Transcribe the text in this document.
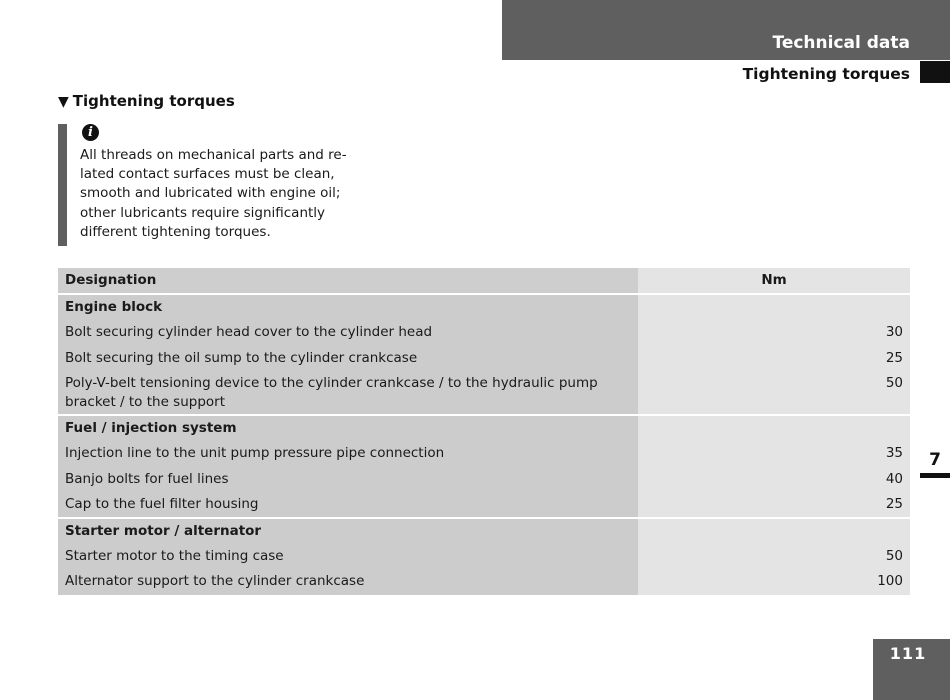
Technical data
Tightening torques
▼ Tightening torques
i

All threads on mechanical parts and re-
lated contact surfaces must be clean,
smooth and lubricated with engine oil;
other lubricants require significantly
different tightening torques.

Designation	Nm
Engine block	
Bolt securing cylinder head cover to the cylinder head	30
Bolt securing the oil sump to the cylinder crankcase	25
Poly-V-belt tensioning device to the cylinder crankcase / to the hydraulic pump bracket / to the support	50
Fuel / injection system	
Injection line to the unit pump pressure pipe connection	35
Banjo bolts for fuel lines	40
Cap to the fuel filter housing	25
Starter motor / alternator	
Starter motor to the timing case	50
Alternator support to the cylinder crankcase	100
7
111
